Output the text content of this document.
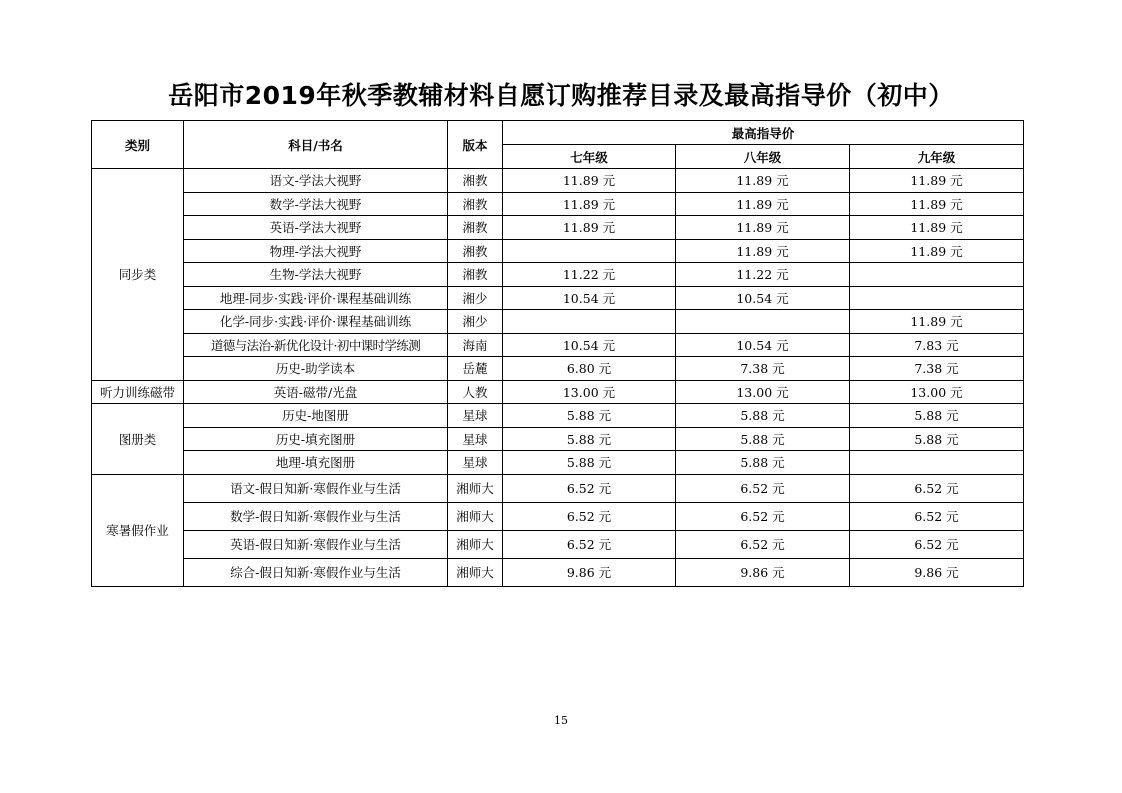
岳阳市2019年秋季教辅材料自愿订购推荐目录及最高指导价（初中）
类别	科目/书名	版本	最高指导价		
			七年级	八年级	九年级
同步类	语文-学法大视野	湘教	11.89 元	11.89 元	11.89 元
	数学-学法大视野	湘教	11.89 元	11.89 元	11.89 元
	英语-学法大视野	湘教	11.89 元	11.89 元	11.89 元
	物理-学法大视野	湘教		11.89 元	11.89 元
	生物-学法大视野	湘教	11.22 元	11.22 元	
	地理-同步·实践·评价·课程基础训练	湘少	10.54 元	10.54 元	
	化学-同步·实践·评价·课程基础训练	湘少			11.89 元
	道德与法治-新优化设计·初中课时学练测	海南	10.54 元	10.54 元	7.83 元
	历史-助学读本	岳麓	6.80 元	7.38 元	7.38 元
听力训练磁带	英语-磁带/光盘	人教	13.00 元	13.00 元	13.00 元
图册类	历史-地图册	星球	5.88 元	5.88 元	5.88 元
	历史-填充图册	星球	5.88 元	5.88 元	5.88 元
	地理-填充图册	星球	5.88 元	5.88 元	
寒暑假作业	语文-假日知新·寒假作业与生活	湘师大	6.52 元	6.52 元	6.52 元
	数学-假日知新·寒假作业与生活	湘师大	6.52 元	6.52 元	6.52 元
	英语-假日知新·寒假作业与生活	湘师大	6.52 元	6.52 元	6.52 元
	综合-假日知新·寒假作业与生活	湘师大	9.86 元	9.86 元	9.86 元
15
